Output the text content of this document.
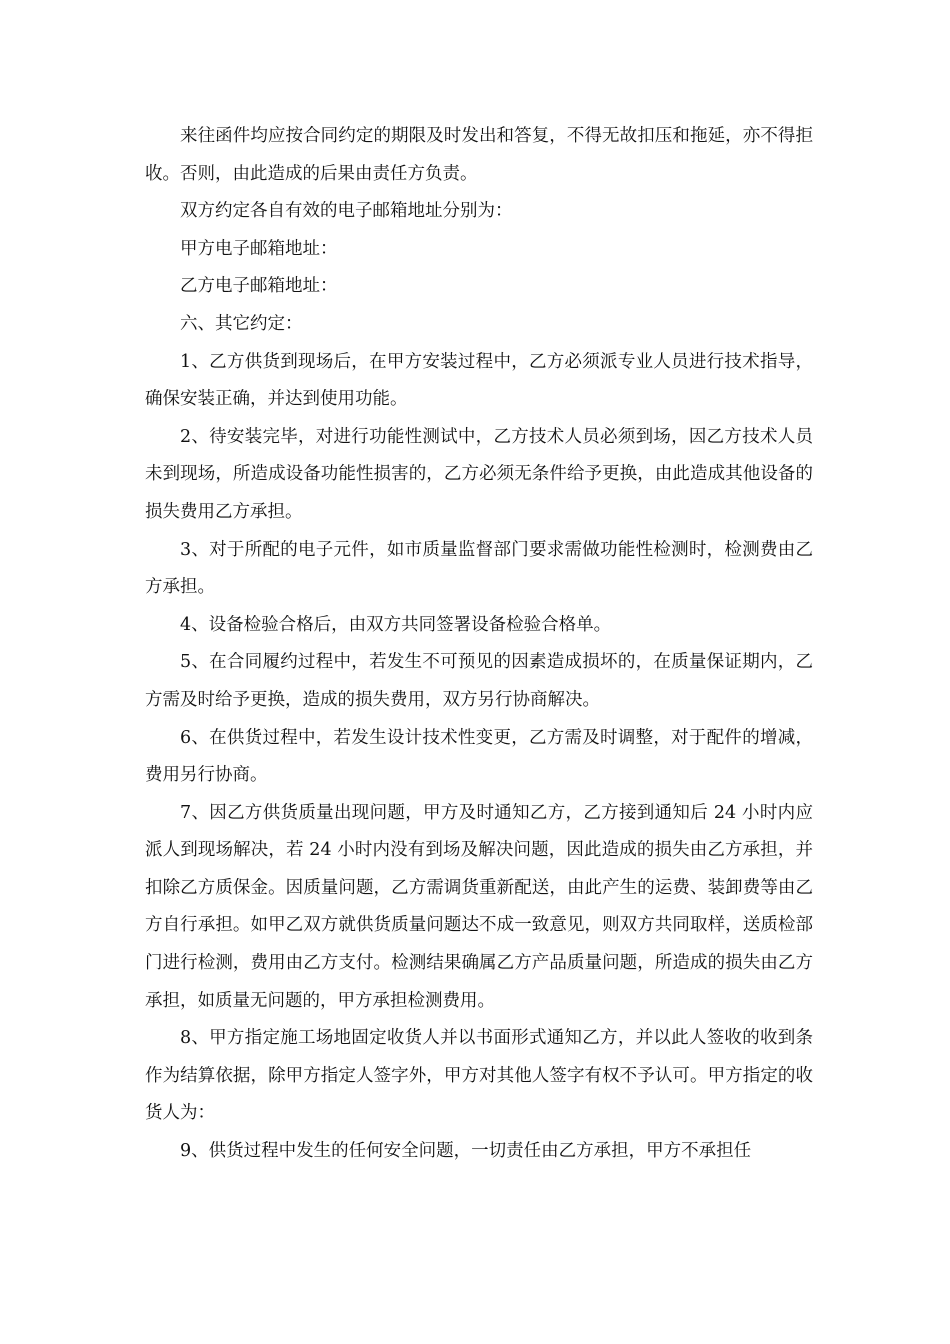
来往函件均应按合同约定的期限及时发出和答复，不得无故扣压和拖延，亦不得拒收。否则，由此造成的后果由责任方负责。

双方约定各自有效的电子邮箱地址分别为：

甲方电子邮箱地址：

乙方电子邮箱地址：

六、其它约定：

1、乙方供货到现场后，在甲方安装过程中，乙方必须派专业人员进行技术指导，确保安装正确，并达到使用功能。

2、待安装完毕，对进行功能性测试中，乙方技术人员必须到场，因乙方技术人员未到现场，所造成设备功能性损害的，乙方必须无条件给予更换，由此造成其他设备的损失费用乙方承担。

3、对于所配的电子元件，如市质量监督部门要求需做功能性检测时，检测费由乙方承担。

4、设备检验合格后，由双方共同签署设备检验合格单。

5、在合同履约过程中，若发生不可预见的因素造成损坏的，在质量保证期内，乙方需及时给予更换，造成的损失费用，双方另行协商解决。

6、在供货过程中，若发生设计技术性变更，乙方需及时调整，对于配件的增减，费用另行协商。

7、因乙方供货质量出现问题，甲方及时通知乙方，乙方接到通知后 24 小时内应派人到现场解决，若 24 小时内没有到场及解决问题，因此造成的损失由乙方承担，并扣除乙方质保金。因质量问题，乙方需调货重新配送，由此产生的运费、装卸费等由乙方自行承担。如甲乙双方就供货质量问题达不成一致意见，则双方共同取样，送质检部门进行检测，费用由乙方支付。检测结果确属乙方产品质量问题，所造成的损失由乙方承担，如质量无问题的，甲方承担检测费用。

8、甲方指定施工场地固定收货人并以书面形式通知乙方，并以此人签收的收到条作为结算依据，除甲方指定人签字外，甲方对其他人签字有权不予认可。甲方指定的收货人为：

9、供货过程中发生的任何安全问题，一切责任由乙方承担，甲方不承担任
